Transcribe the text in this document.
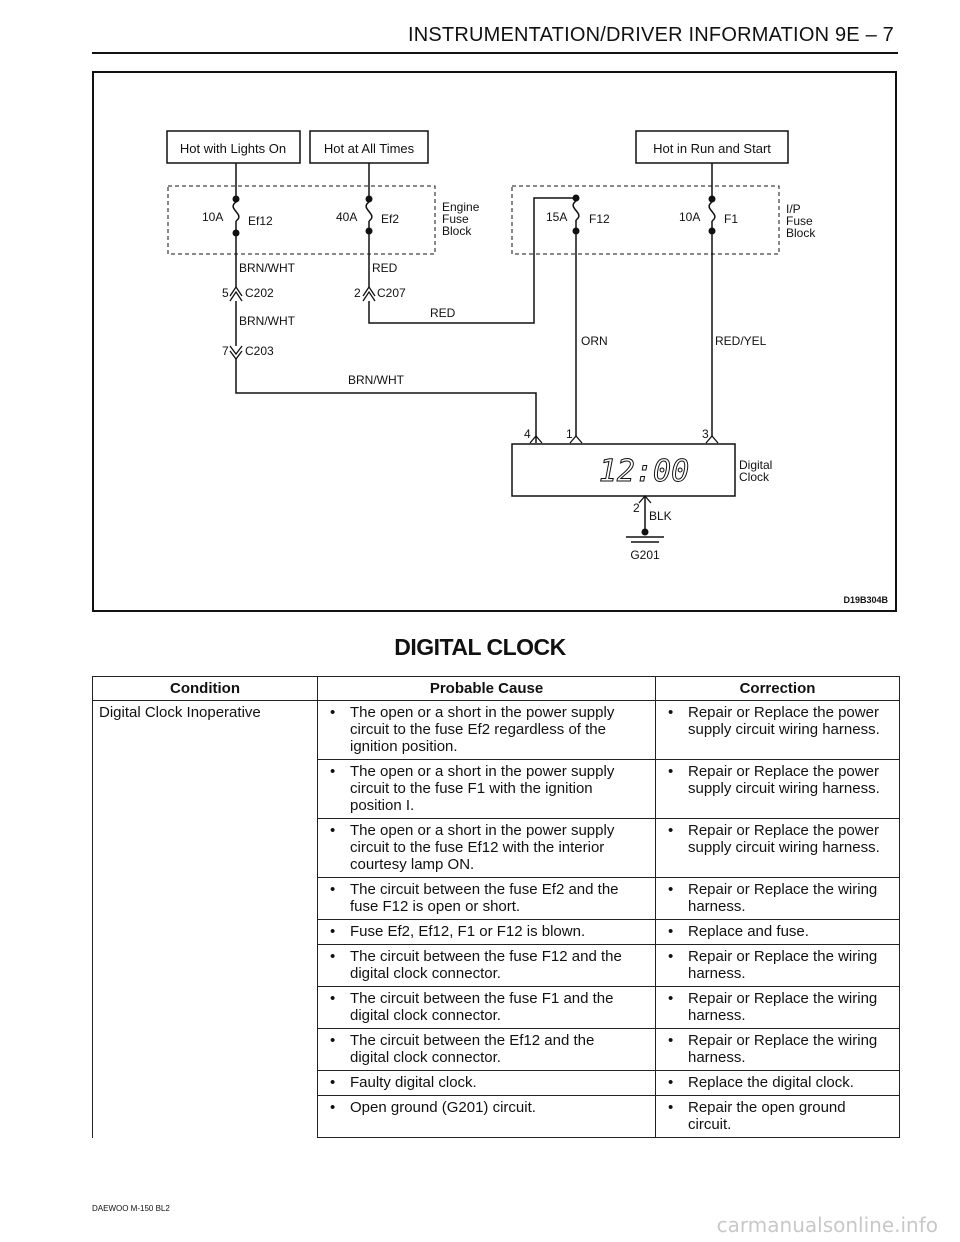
INSTRUMENTATION/DRIVER INFORMATION 9E – 7
Hot with Lights On	Hot at All Times	Hot in Run and Start
Engine Fuse Block
I/P Fuse Block
10A Ef12
BRN/WHT
5 C202
BRN/WHT
7 C203
BRN/WHT
40A Ef2
RED
2 C207
RED
15A F12
ORN
10A F1
RED/YEL
4	1	3
12:00	Digital Clock
2
BLK
G201
D19B304B
DIGITAL CLOCK
Condition	Probable Cause	Correction
Digital Clock Inoperative	• The open or a short in the power supply
circuit to the fuse Ef2 regardless of the
ignition position.	• Repair or Replace the power
supply circuit wiring harness.

	• The open or a short in the power supply
circuit to the fuse F1 with the ignition
position I.	• Repair or Replace the power
supply circuit wiring harness.

	• The open or a short in the power supply
circuit to the fuse Ef12 with the interior
courtesy lamp ON.	• Repair or Replace the power
supply circuit wiring harness.

	• The circuit between the fuse Ef2 and the
fuse F12 is open or short.	• Repair or Replace the wiring
harness.

	• Fuse Ef2, Ef12, F1 or F12 is blown.	• Replace and fuse.

	• The circuit between the fuse F12 and the
digital clock connector.	• Repair or Replace the wiring
harness.

	• The circuit between the fuse F1 and the
digital clock connector.	• Repair or Replace the wiring
harness.

	• The circuit between the Ef12 and the
digital clock connector.	• Repair or Replace the wiring
harness.

	• Faulty digital clock.	• Replace the digital clock.

	• Open ground (G201) circuit.	• Repair the open ground
circuit.
DAEWOO M-150 BL2
carmanualsonline.info
